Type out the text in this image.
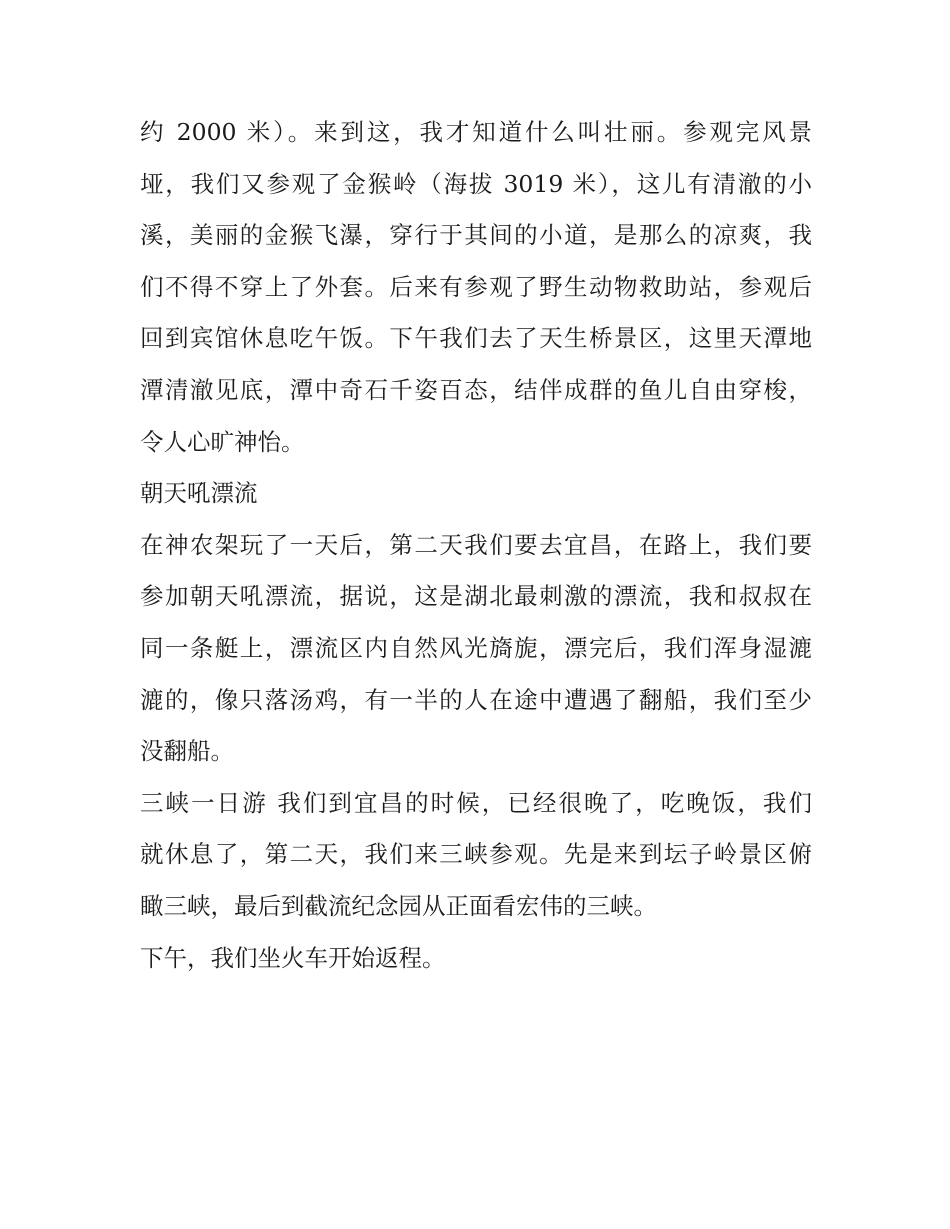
约 2000 米）。来到这，我才知道什么叫壮丽。参观完风景
垭，我们又参观了金猴岭（海拔 3019 米），这儿有清澈的小
溪，美丽的金猴飞瀑，穿行于其间的小道，是那么的凉爽，我
们不得不穿上了外套。后来有参观了野生动物救助站，参观后
回到宾馆休息吃午饭。下午我们去了天生桥景区，这里天潭地
潭清澈见底，潭中奇石千姿百态，结伴成群的鱼儿自由穿梭，
令人心旷神怡。
朝天吼漂流
在神农架玩了一天后，第二天我们要去宜昌，在路上，我们要
参加朝天吼漂流，据说，这是湖北最刺激的漂流，我和叔叔在
同一条艇上，漂流区内自然风光旖旎，漂完后，我们浑身湿漉
漉的，像只落汤鸡，有一半的人在途中遭遇了翻船，我们至少
没翻船。
三峡一日游 我们到宜昌的时候，已经很晚了，吃晚饭，我们
就休息了，第二天，我们来三峡参观。先是来到坛子岭景区俯
瞰三峡，最后到截流纪念园从正面看宏伟的三峡。
下午，我们坐火车开始返程。
